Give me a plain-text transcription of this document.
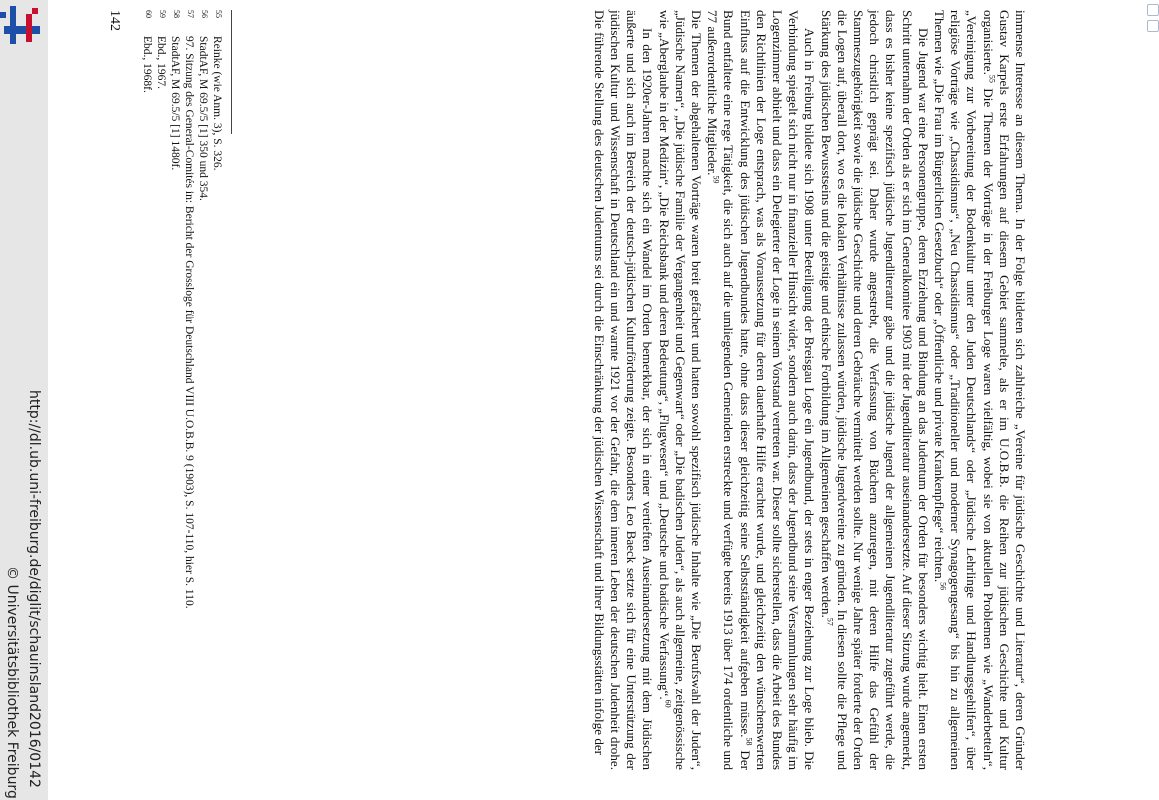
immense Interesse an diesem Thema. In der Folge bildeten sich zahlreiche „Vereine für jüdische Geschichte und Literatur“, deren Gründer Gustav Karpels erste Erfahrungen auf diesem Gebiet sammelte, als er im U.O.B.B. die Reihen zur jüdischen Geschichte und Kultur organisierte.$^{55}$ Die Themen der Vorträge in der Freiburger Loge waren vielfältig, wobei sie von aktuellen Problemen wie „Wanderbetteln“, „Vereinigung zur Vorbereitung der Bodenkultur unter den Juden Deutschlands“ oder „Jüdische Lehrlinge und Handlungsgehilfen“, über religiöse Vorträge wie „Chassidismus“, „Neu Chassidismus“ oder „Traditioneller und moderner Synagogengesang“ bis hin zu allgemeinen Themen wie „Die Frau im Bürgerlichen Gesetzbuch“ oder „Öffentliche und private Krankenpflege“ reichten.$^{56}$

Die Jugend war eine Personengruppe, deren Erziehung und Bindung an das Judentum der Orden für besonders wichtig hielt. Einen ersten Schritt unternahm der Orden als er sich im Generalkomitee 1903 mit der Jugendliteratur auseinandersetzte. Auf dieser Sitzung wurde angemerkt, dass es bisher keine spezifisch jüdische Jugendliteratur gäbe und die jüdische Jugend der allgemeinen Jugendliteratur zugeführt werde, die jedoch christlich geprägt sei. Daher wurde angestrebt, die Verfassung von Büchern anzuregen, mit deren Hilfe das Gefühl der Stammeszugehörigkeit sowie die jüdische Geschichte und deren Gebräuche vermittelt werden sollte. Nur wenige Jahre später forderte der Orden die Logen auf, überall dort, wo es die lokalen Verhältnisse zulassen würden, jüdische Jugendvereine zu gründen. In diesen sollte die Pflege und Stärkung des jüdischen Bewusstseins und die geistige und ethische Fortbildung im Allgemeinen geschaffen werden.$^{57}$

Auch in Freiburg bildete sich 1908 unter Beteiligung der Breisgau Loge ein Jugendbund, der stets in enger Beziehung zur Loge blieb. Die Verbindung spiegelt sich nicht nur in finanzieller Hinsicht wider, sondern auch darin, dass der Jugendbund seine Versammlungen sehr häufig im Logenzimmer abhielt und dass ein Delegierter der Loge in seinem Vorstand vertreten war. Dieser sollte sicherstellen, dass die Arbeit des Bundes den Richtlinien der Loge entsprach, was als Voraussetzung für deren dauerhafte Hilfe erachtet wurde, und gleichzeitig den wünschenswerten Einfluss auf die Entwicklung des jüdischen Jugendbundes hatte, ohne dass dieser gleichzeitig seine Selbstständigkeit aufgeben müsse.$^{58}$ Der Bund entfaltete eine rege Tätigkeit, die sich auch auf die umliegenden Gemeinden erstreckte und verfügte bereits 1913 über 174 ordentliche und 77 außerordentliche Mitglieder.$^{59}$

Die Themen der abgehaltenen Vorträge waren breit gefächert und hatten sowohl spezifisch jüdische Inhalte wie „Die Berufswahl der Juden“, „Jüdische Namen“, „Die jüdische Familie der Vergangenheit und Gegenwart“ oder „Die badischen Juden“, als auch allgemeine, zeitgenössische wie „Aberglaube in der Medizin“, „Die Reichsbank und deren Bedeutung“, „Flugwesen“ und „Deutsche und badische Verfassung“.$^{60}$

In den 1920er-Jahren machte sich ein Wandel im Orden bemerkbar, der sich in einer vertieften Auseinandersetzung mit dem Jüdischen äußerte und sich auch im Bereich der deutsch-jüdischen Kulturförderung zeigte. Besonders Leo Baeck setzte sich für eine Unterstützung der jüdischen Kultur und Wissenschaft in Deutschland ein und warnte 1921 vor der Gefahr, die dem inneren Leben der deutschen Judenheit drohe. Die führende Stellung des deutschen Judentums sei durch die Einschränkung der jüdischen Wissenschaft und ihrer Bildungsstätten infolge der

55
Reinke (wie Anm. 3), S. 326.
56
StadtAF, M 69.5/5 [1] 350 und 354.
57
97. Sitzung des General-Comités in: Bericht der Grossloge für Deutschland VIII U.O.B.B. 9 (1903), S. 107-110, hier S. 110.
58
StadtAF, M 69.5/5 [1] 1480f.
59
Ebd., 1967.
60
Ebd., 1968f.
142
http://dl.ub.uni-freiburg.de/diglit/schauinsland2016/0142
© Universitätsbibliothek Freiburg
